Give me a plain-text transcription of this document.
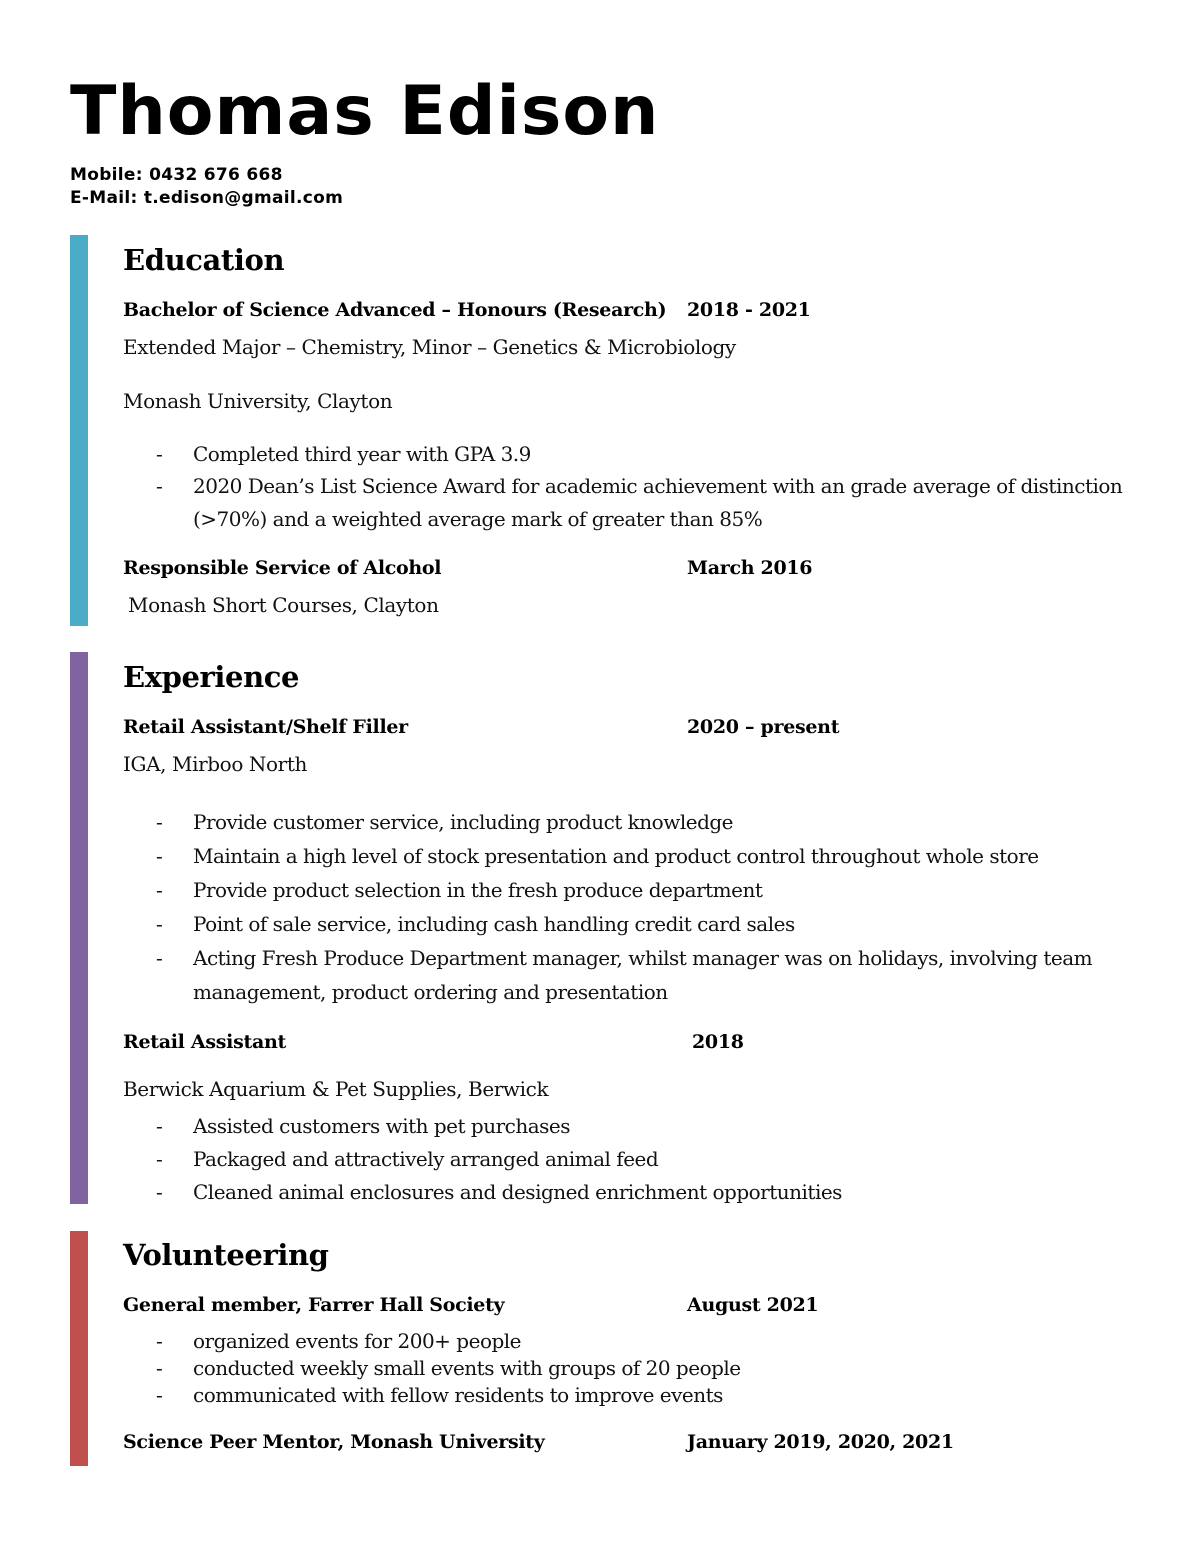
Thomas Edison
Mobile: 0432 676 668
E-Mail: t.edison@gmail.com
Education
Bachelor of Science Advanced – Honours (Research) 2018 - 2021
Extended Major – Chemistry, Minor – Genetics & Microbiology
Monash University, Clayton
- Completed third year with GPA 3.9
- 2020 Dean’s List Science Award for academic achievement with an grade average of distinction (>70%) and a weighted average mark of greater than 85%
Responsible Service of Alcohol	March 2016
Monash Short Courses, Clayton
Experience
Retail Assistant/Shelf Filler	2020 – present
IGA, Mirboo North
- Provide customer service, including product knowledge
- Maintain a high level of stock presentation and product control throughout whole store
- Provide product selection in the fresh produce department
- Point of sale service, including cash handling credit card sales
- Acting Fresh Produce Department manager, whilst manager was on holidays, involving team management, product ordering and presentation
Retail Assistant	2018
Berwick Aquarium & Pet Supplies, Berwick
- Assisted customers with pet purchases
- Packaged and attractively arranged animal feed
- Cleaned animal enclosures and designed enrichment opportunities
Volunteering
General member, Farrer Hall Society	August 2021
- organized events for 200+ people
- conducted weekly small events with groups of 20 people
- communicated with fellow residents to improve events
Science Peer Mentor, Monash University	January 2019, 2020, 2021
